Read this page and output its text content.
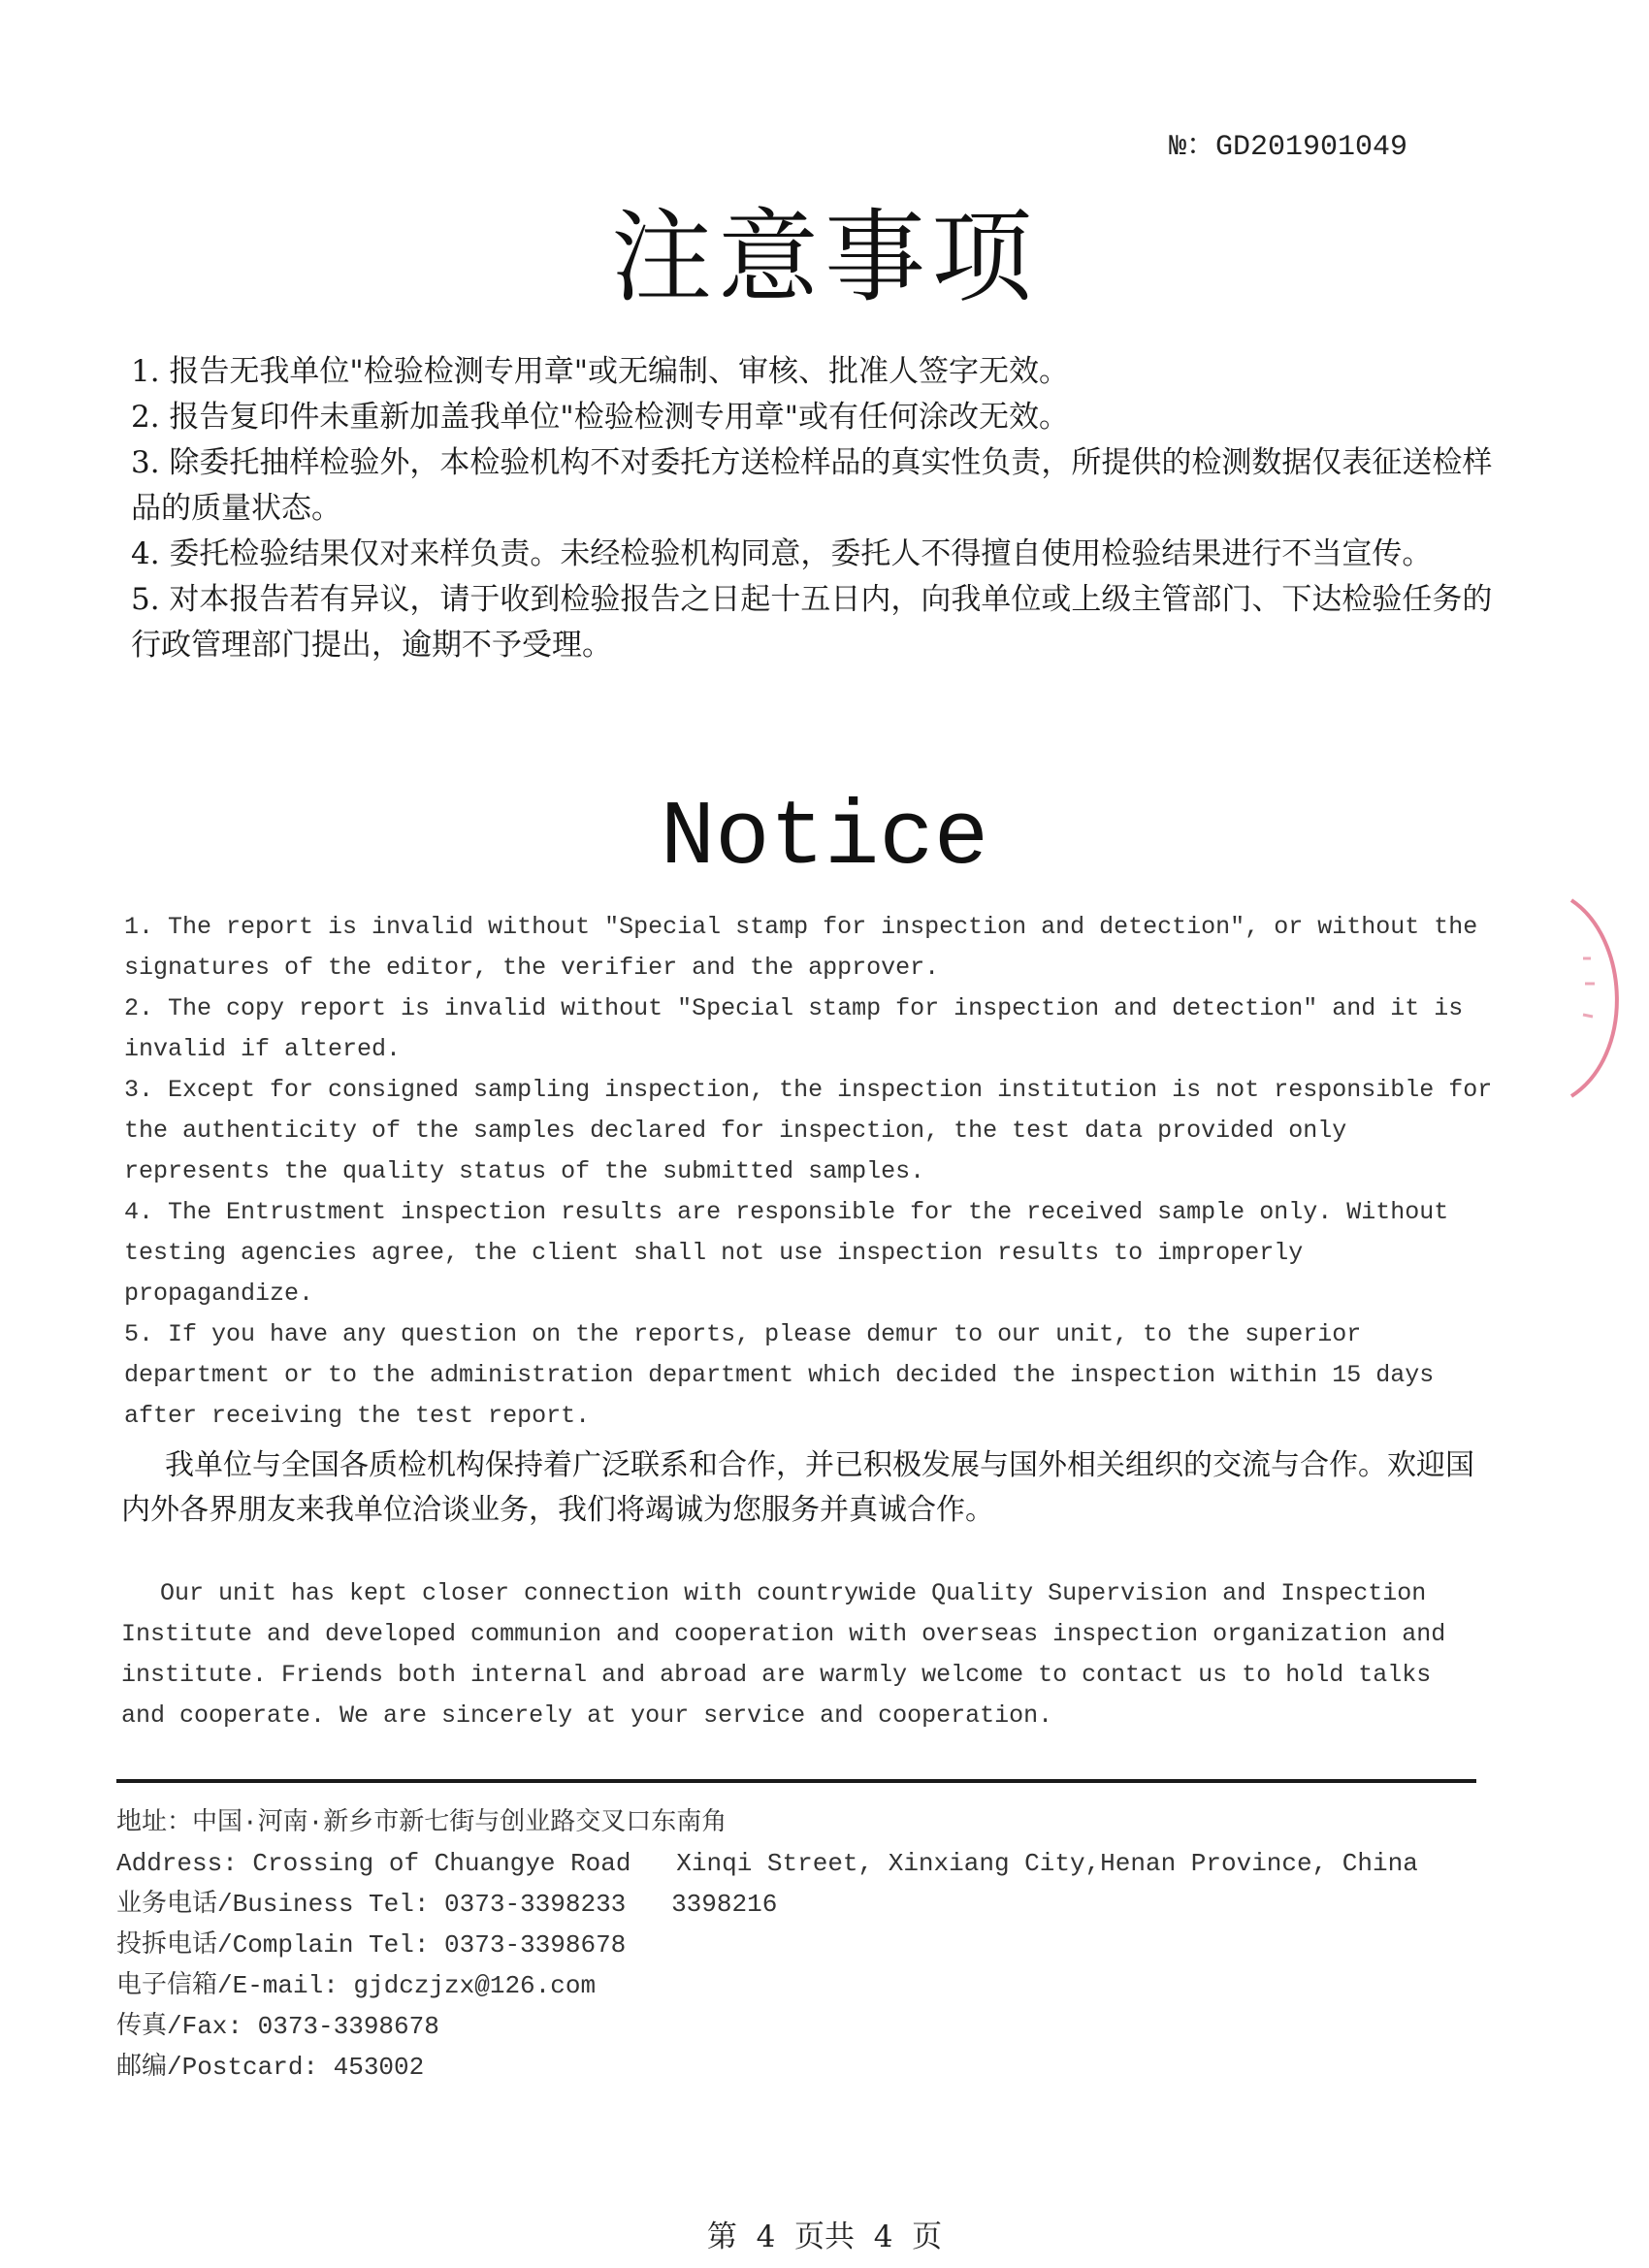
№：GD201901049
注意事项

1. 报告无我单位"检验检测专用章"或无编制、审核、批准人签字无效。

2. 报告复印件未重新加盖我单位"检验检测专用章"或有任何涂改无效。

3. 除委托抽样检验外，本检验机构不对委托方送检样品的真实性负责，所提供的检测数据仅表征送检样品的质量状态。

4. 委托检验结果仅对来样负责。未经检验机构同意，委托人不得擅自使用检验结果进行不当宣传。

5. 对本报告若有异议，请于收到检验报告之日起十五日内，向我单位或上级主管部门、下达检验任务的行政管理部门提出，逾期不予受理。

Notice

1. The report is invalid without "Special stamp for inspection and detection", or without the signatures of the editor, the verifier and the approver.

2. The copy report is invalid without "Special stamp for inspection and detection" and it is invalid if altered.

3. Except for consigned sampling inspection, the inspection institution is not responsible for the authenticity of the samples declared for inspection, the test data provided only represents the quality status of the submitted samples.

4. The Entrustment inspection results are responsible for the received sample only. Without testing agencies agree, the client shall not use inspection results to improperly propagandize.

5. If you have any question on the reports, please demur to our unit, to the superior department or to the administration department which decided the inspection within 15 days after receiving the test report.

我单位与全国各质检机构保持着广泛联系和合作，并已积极发展与国外相关组织的交流与合作。欢迎国内外各界朋友来我单位洽谈业务，我们将竭诚为您服务并真诚合作。

Our unit has kept closer connection with countrywide Quality Supervision and Inspection Institute and developed communion and cooperation with overseas inspection organization and institute. Friends both internal and abroad are warmly welcome to contact us to hold talks and cooperate. We are sincerely at your service and cooperation.

地址：中国·河南·新乡市新七街与创业路交叉口东南角
Address: Crossing of Chuangye Road   Xinqi Street, Xinxiang City,Henan Province, China
业务电话/Business Tel: 0373-3398233   3398216
投拆电话/Complain Tel: 0373-3398678
电子信箱/E-mail: gjdczjzx@126.com
传真/Fax: 0373-3398678
邮编/Postcard: 453002
第  4  页共  4  页
